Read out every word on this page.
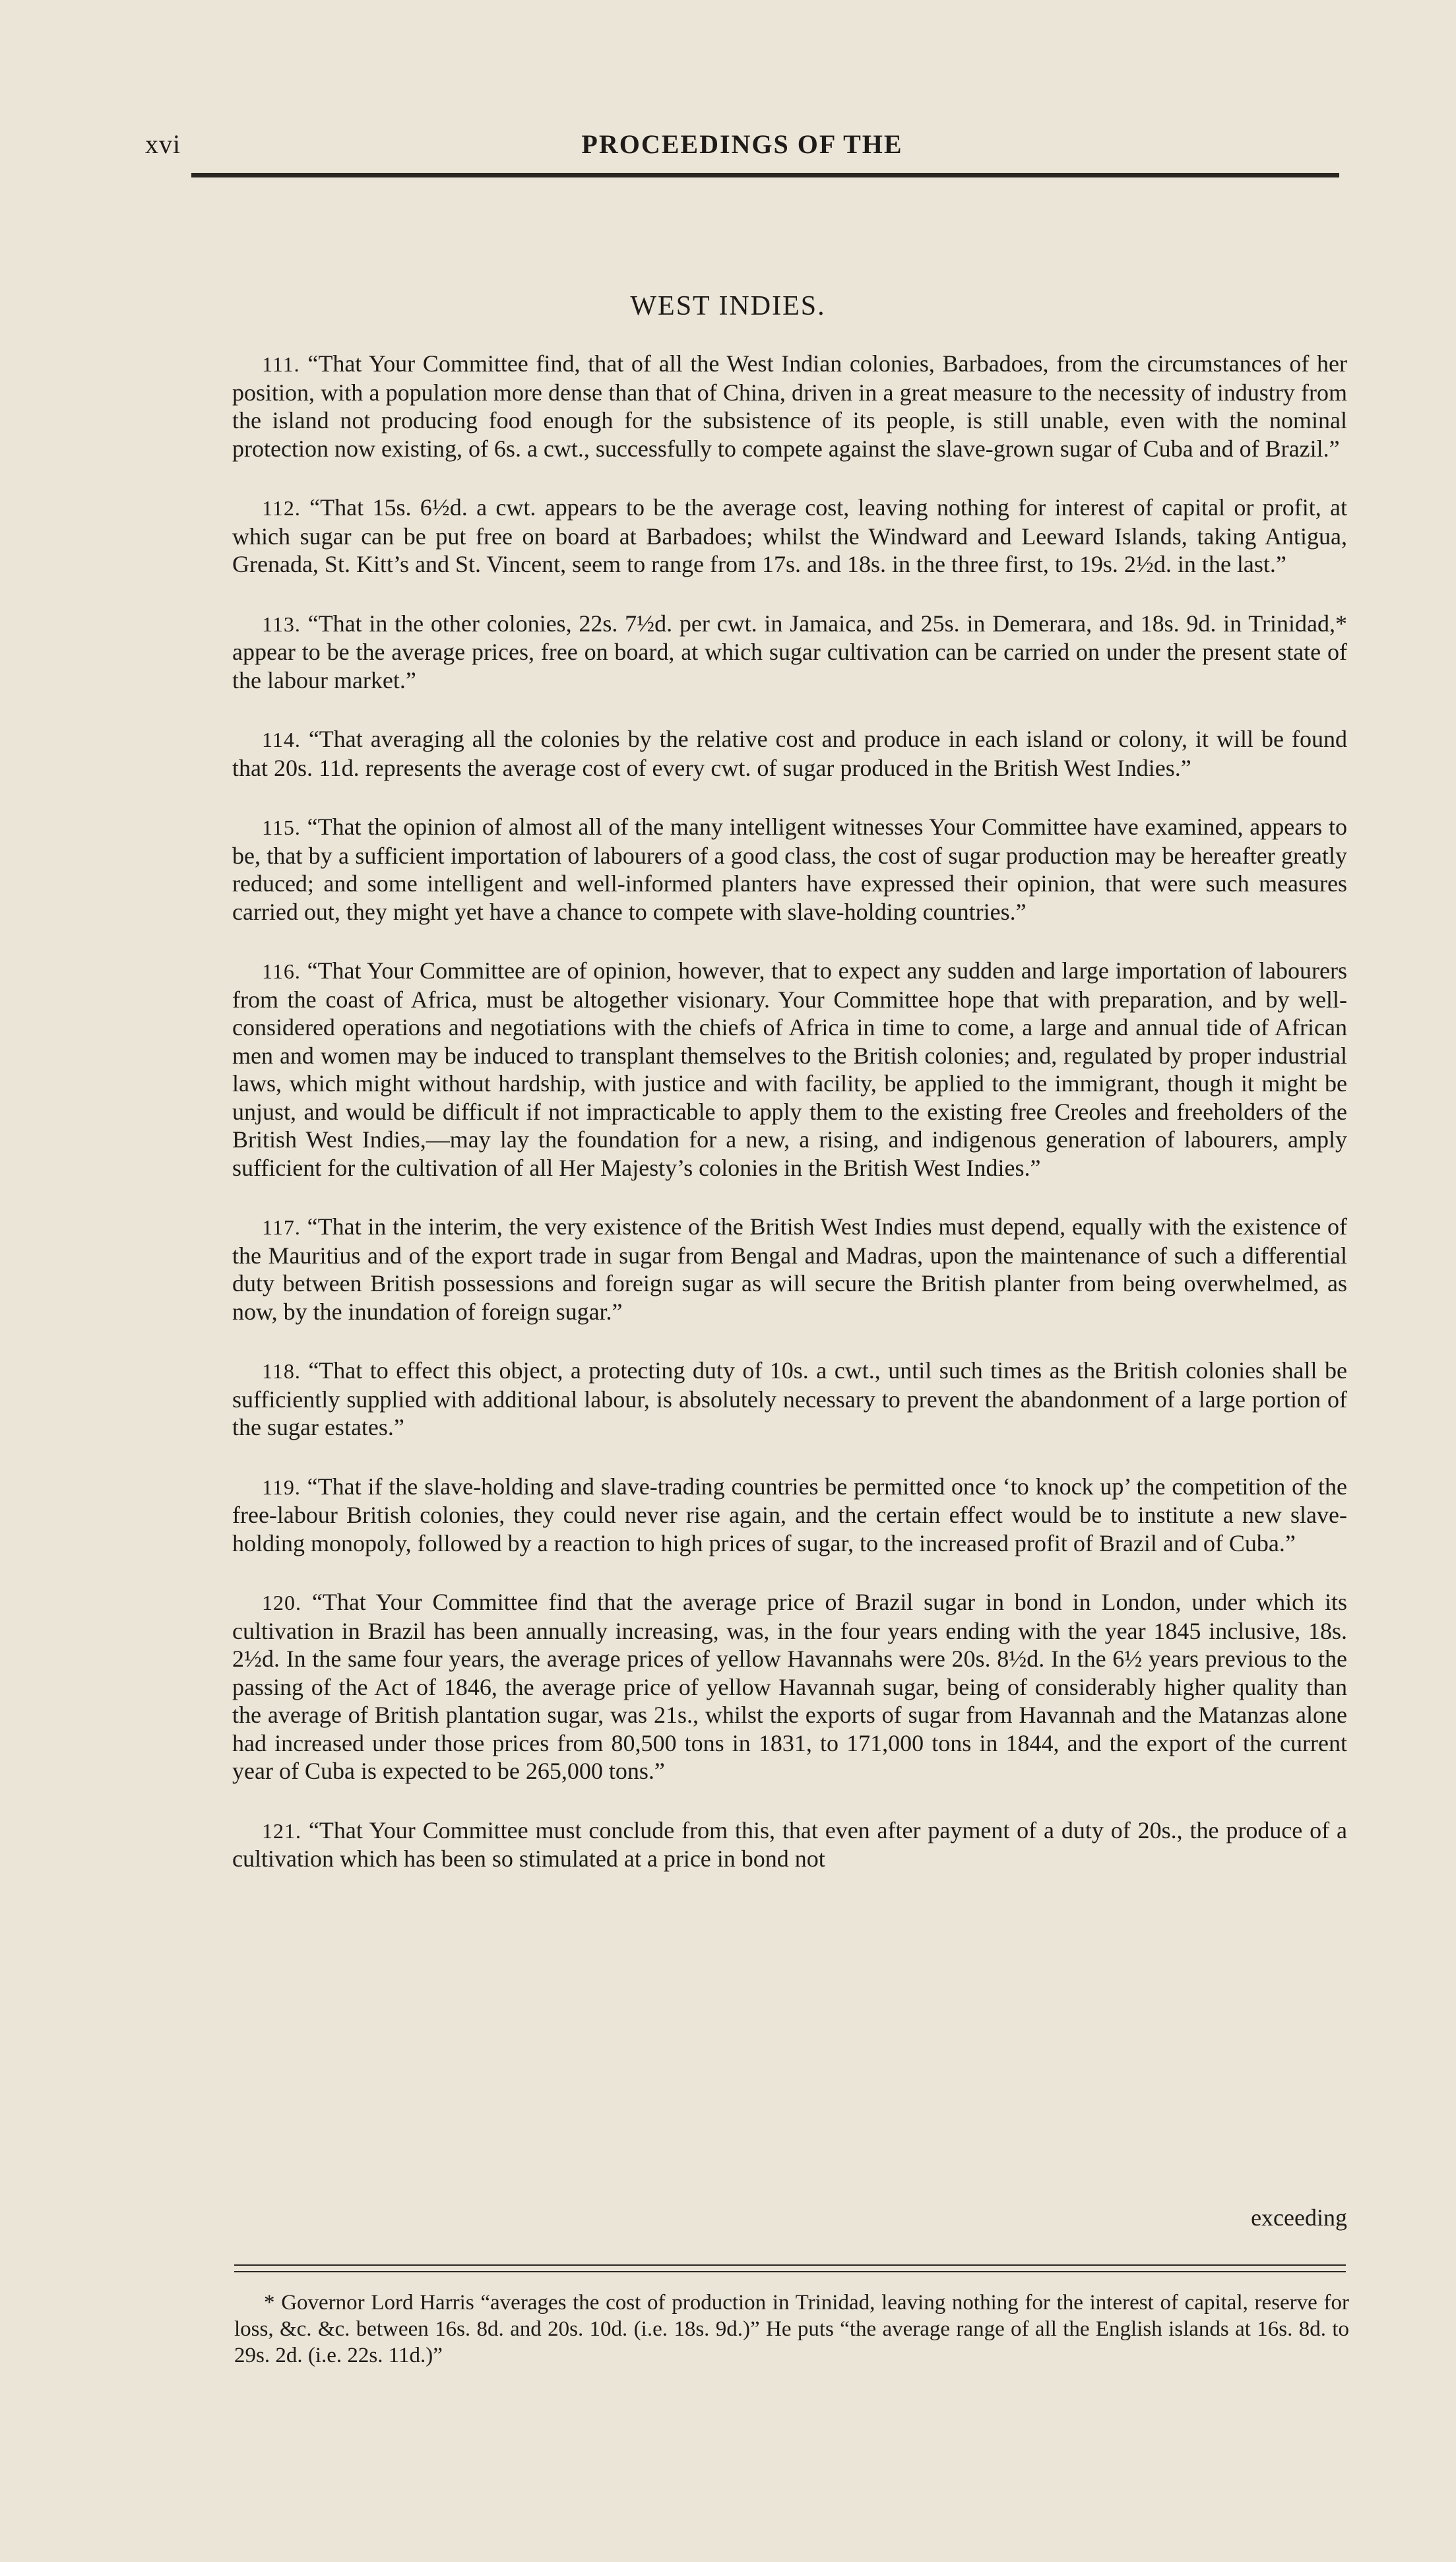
xvi	PROCEEDINGS OF THE
WEST INDIES.

111. “That Your Committee find, that of all the West Indian colonies, Barbadoes, from the circumstances of her position, with a population more dense than that of China, driven in a great measure to the necessity of industry from the island not producing food enough for the subsistence of its people, is still unable, even with the nominal protection now existing, of 6s. a cwt., successfully to compete against the slave-grown sugar of Cuba and of Brazil.”

112. “That 15s. 6½d. a cwt. appears to be the average cost, leaving nothing for interest of capital or profit, at which sugar can be put free on board at Barbadoes; whilst the Windward and Leeward Islands, taking Antigua, Grenada, St. Kitt’s and St. Vincent, seem to range from 17s. and 18s. in the three first, to 19s. 2½d. in the last.”

113. “That in the other colonies, 22s. 7½d. per cwt. in Jamaica, and 25s. in Demerara, and 18s. 9d. in Trinidad,* appear to be the average prices, free on board, at which sugar cultivation can be carried on under the present state of the labour market.”

114. “That averaging all the colonies by the relative cost and produce in each island or colony, it will be found that 20s. 11d. represents the average cost of every cwt. of sugar produced in the British West Indies.”

115. “That the opinion of almost all of the many intelligent witnesses Your Committee have examined, appears to be, that by a sufficient importation of labourers of a good class, the cost of sugar production may be hereafter greatly reduced; and some intelligent and well-informed planters have expressed their opinion, that were such measures carried out, they might yet have a chance to compete with slave-holding countries.”

116. “That Your Committee are of opinion, however, that to expect any sudden and large importation of labourers from the coast of Africa, must be altogether visionary. Your Committee hope that with preparation, and by well-considered operations and negotiations with the chiefs of Africa in time to come, a large and annual tide of African men and women may be induced to transplant themselves to the British colonies; and, regulated by proper industrial laws, which might without hardship, with justice and with facility, be applied to the immigrant, though it might be unjust, and would be difficult if not impracticable to apply them to the existing free Creoles and freeholders of the British West Indies,—may lay the foundation for a new, a rising, and indigenous generation of labourers, amply sufficient for the cultivation of all Her Majesty’s colonies in the British West Indies.”

117. “That in the interim, the very existence of the British West Indies must depend, equally with the existence of the Mauritius and of the export trade in sugar from Bengal and Madras, upon the maintenance of such a differential duty between British possessions and foreign sugar as will secure the British planter from being overwhelmed, as now, by the inundation of foreign sugar.”

118. “That to effect this object, a protecting duty of 10s. a cwt., until such times as the British colonies shall be sufficiently supplied with additional labour, is absolutely necessary to prevent the abandonment of a large portion of the sugar estates.”

119. “That if the slave-holding and slave-trading countries be permitted once ‘to knock up’ the competition of the free-labour British colonies, they could never rise again, and the certain effect would be to institute a new slave-holding monopoly, followed by a reaction to high prices of sugar, to the increased profit of Brazil and of Cuba.”

120. “That Your Committee find that the average price of Brazil sugar in bond in London, under which its cultivation in Brazil has been annually increasing, was, in the four years ending with the year 1845 inclusive, 18s. 2½d. In the same four years, the average prices of yellow Havannahs were 20s. 8½d. In the 6½ years previous to the passing of the Act of 1846, the average price of yellow Havannah sugar, being of considerably higher quality than the average of British plantation sugar, was 21s., whilst the exports of sugar from Havannah and the Matanzas alone had increased under those prices from 80,500 tons in 1831, to 171,000 tons in 1844, and the export of the current year of Cuba is expected to be 265,000 tons.”

121. “That Your Committee must conclude from this, that even after payment of a duty of 20s., the produce of a cultivation which has been so stimulated at a price in bond not

exceeding

* Governor Lord Harris “averages the cost of production in Trinidad, leaving nothing for the interest of capital, reserve for loss, &c. &c. between 16s. 8d. and 20s. 10d. (i.e. 18s. 9d.)” He puts “the average range of all the English islands at 16s. 8d. to 29s. 2d. (i.e. 22s. 11d.)”
